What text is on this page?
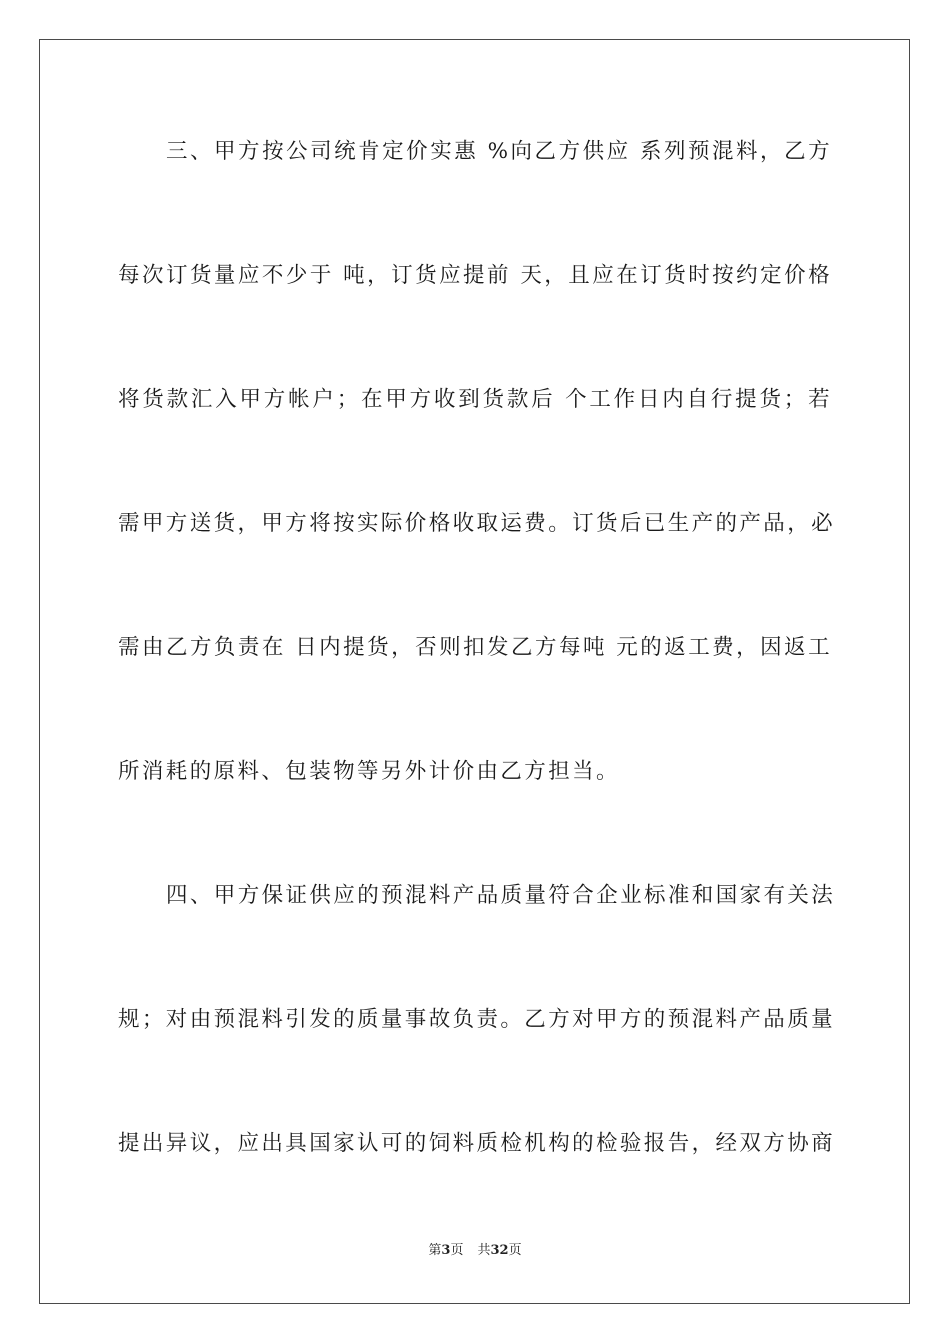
三、甲方按公司统肯定价实惠 %向乙方供应 系列预混料，乙方
每次订货量应不少于 吨，订货应提前 天，且应在订货时按约定价格
将货款汇入甲方帐户；在甲方收到货款后 个工作日内自行提货；若
需甲方送货，甲方将按实际价格收取运费。订货后已生产的产品，必
需由乙方负责在 日内提货，否则扣发乙方每吨 元的返工费，因返工
所消耗的原料、包装物等另外计价由乙方担当。
四、甲方保证供应的预混料产品质量符合企业标准和国家有关法
规；对由预混料引发的质量事故负责。乙方对甲方的预混料产品质量
提出异议，应出具国家认可的饲料质检机构的检验报告，经双方协商
第3页 共32页
